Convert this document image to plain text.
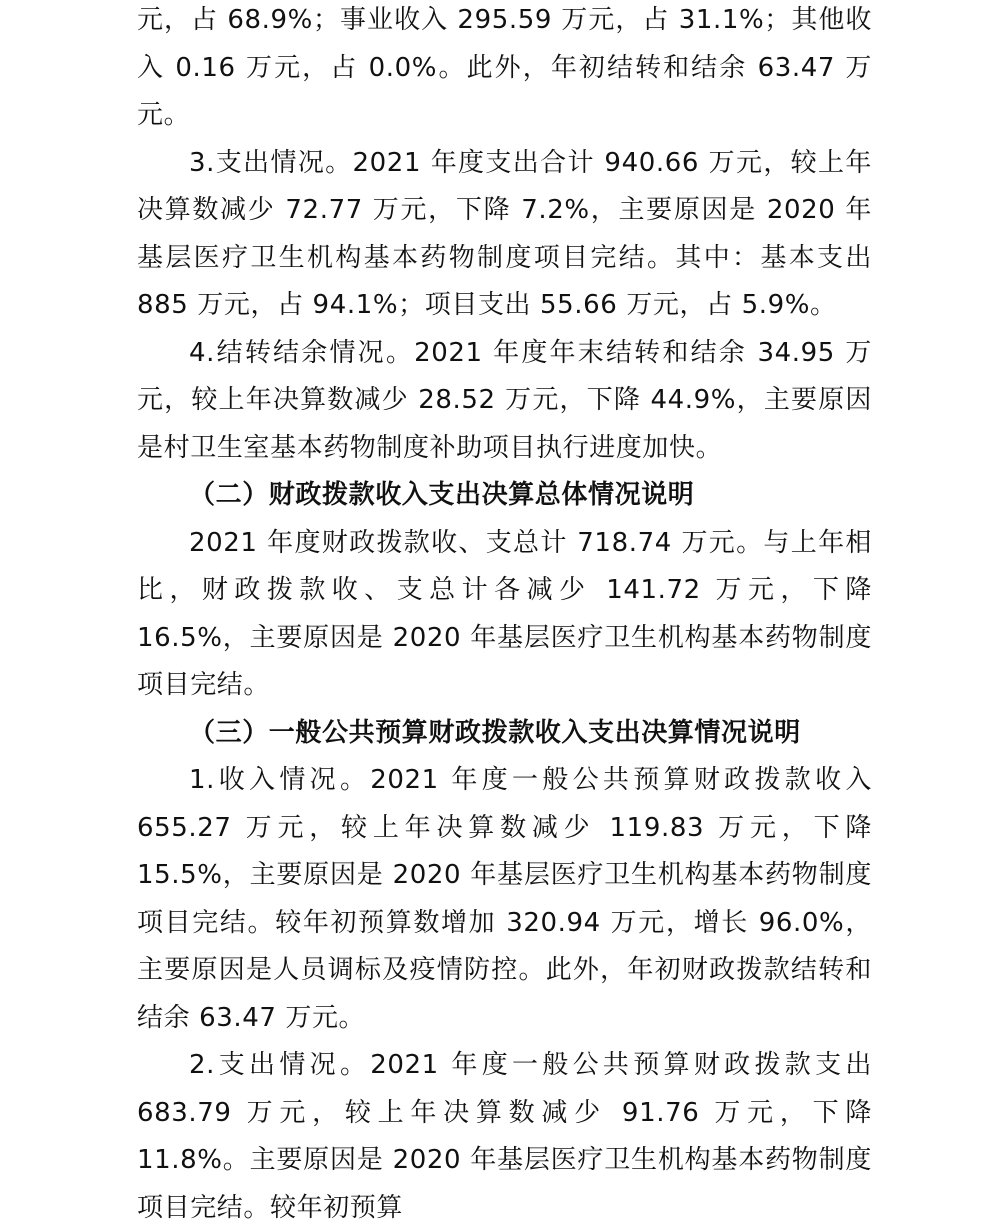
元，占 68.9%；事业收入 295.59 万元，占 31.1%；其他收入 0.16 万元，占 0.0%。此外，年初结转和结余 63.47 万元。

3.支出情况。2021 年度支出合计 940.66 万元，较上年决算数减少 72.77 万元，下降 7.2%，主要原因是 2020 年基层医疗卫生机构基本药物制度项目完结。其中：基本支出 885 万元，占 94.1%；项目支出 55.66 万元，占 5.9%。

4.结转结余情况。2021 年度年末结转和结余 34.95 万元，较上年决算数减少 28.52 万元，下降 44.9%，主要原因是村卫生室基本药物制度补助项目执行进度加快。

（二）财政拨款收入支出决算总体情况说明

2021 年度财政拨款收、支总计 718.74 万元。与上年相比，财政拨款收、支总计各减少 141.72 万元，下降 16.5%，主要原因是 2020 年基层医疗卫生机构基本药物制度项目完结。

（三）一般公共预算财政拨款收入支出决算情况说明

1.收入情况。2021 年度一般公共预算财政拨款收入 655.27 万元，较上年决算数减少 119.83 万元，下降 15.5%，主要原因是 2020 年基层医疗卫生机构基本药物制度项目完结。较年初预算数增加 320.94 万元，增长 96.0%，主要原因是人员调标及疫情防控。此外，年初财政拨款结转和结余 63.47 万元。

2.支出情况。2021 年度一般公共预算财政拨款支出 683.79 万元，较上年决算数减少 91.76 万元，下降 11.8%。主要原因是 2020 年基层医疗卫生机构基本药物制度项目完结。较年初预算
